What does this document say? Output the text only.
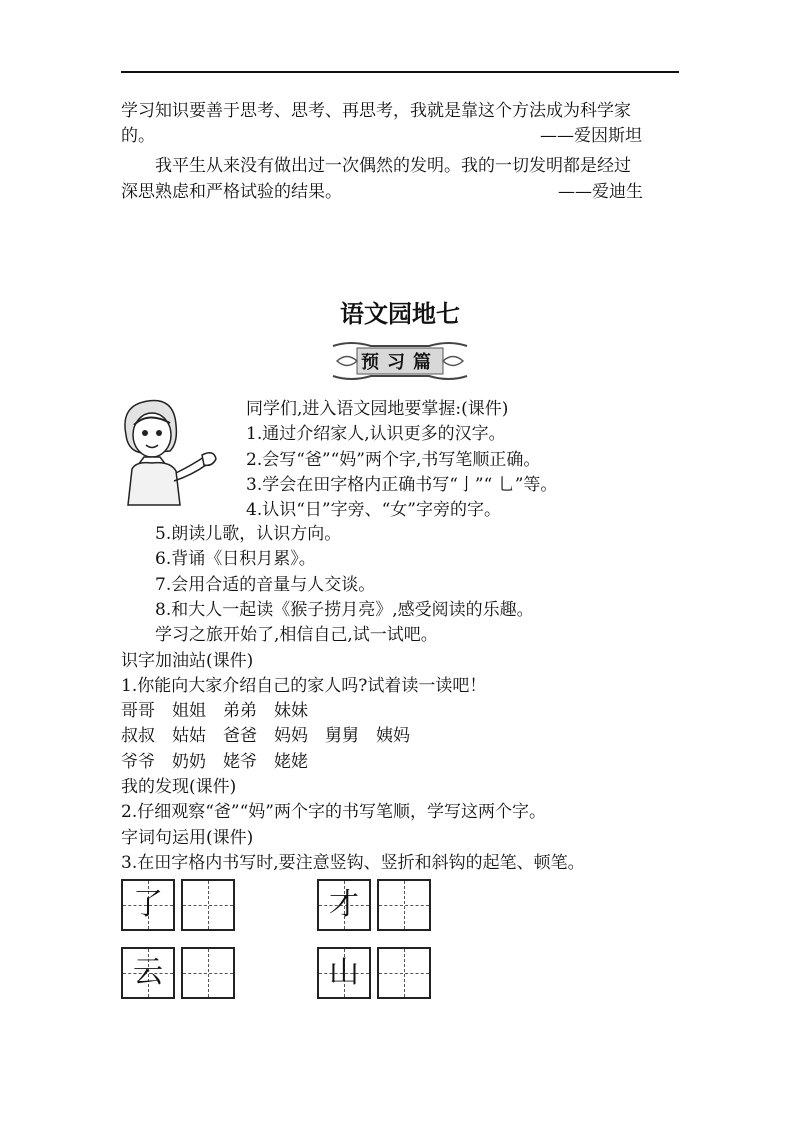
学习知识要善于思考、思考、再思考，我就是靠这个方法成为科学家
的。	——爱因斯坦
我平生从来没有做出过一次偶然的发明。我的一切发明都是经过
深思熟虑和严格试验的结果。	——爱迪生
语文园地七
预习篇
同学们,进入语文园地要掌握:(课件)
1.通过介绍家人,认识更多的汉字。
2.会写“爸”“妈”两个字,书写笔顺正确。
3.学会在田字格内正确书写“亅”“ 乚”等。
4.认识“日”字旁、“女”字旁的字。
5.朗读儿歌，认识方向。
6.背诵《日积月累》。
7.会用合适的音量与人交谈。
8.和大人一起读《猴子捞月亮》,感受阅读的乐趣。
学习之旅开始了,相信自己,试一试吧。
识字加油站(课件)
1.你能向大家介绍自己的家人吗?试着读一读吧！
哥哥　姐姐　弟弟　妹妹
叔叔　姑姑　爸爸　妈妈　舅舅　姨妈
爷爷　奶奶　姥爷　姥姥
我的发现(课件)
2.仔细观察“爸”“妈”两个字的书写笔顺，学写这两个字。
字词句运用(课件)
3.在田字格内书写时,要注意竖钩、竖折和斜钩的起笔、顿笔。
了	才
云	山
